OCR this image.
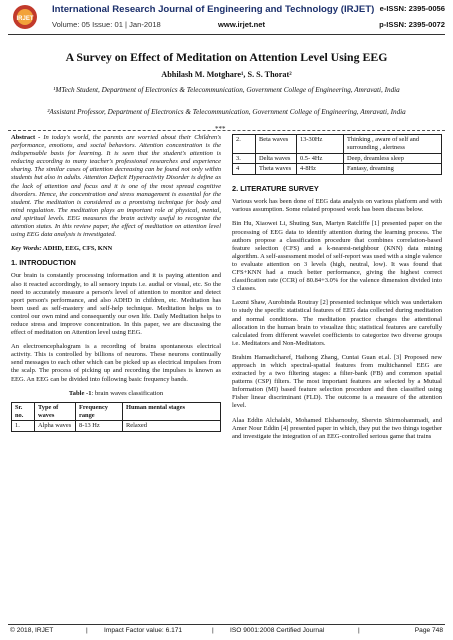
IRJET
International Research Journal of Engineering and Technology (IRJET) e-ISSN: 2395-0056
Volume: 05 Issue: 01 | Jan-2018	www.irjet.net	p-ISSN: 2395-0072
A Survey on Effect of Meditation on Attention Level Using EEG
Abhilash M. Motghare¹, S. S. Thorat²
¹MTech Student, Department of Electronics & Telecommunication, Government College of Engineering, Amravati, India
²Assistant Professor, Department of Electronics & Telecommunication, Government College of Engineering, Amravati, India
***

Abstract - In today's world, the parents are worried about their Children's performance, emotions, and social behaviors. Attention concentration is the indispensable basis for learning. It is seen that the student's attention is reducing according to many teacher's professional researches and experience sharing. The similar cases of attention decreasing can be found not only within students but also in adults. Attention Deficit Hyperactivity Disorder is define as the lack of attention and focus and it is one of the most spread cognitive disorders. Hence, the concentration and stress management is essential for the student. The meditation is considered as a promising technique for body and mind regulation. The meditation plays an important role at physical, mental, and spiritual levels. EEG measures the brain activity useful to recognize the attention states. In this review paper, the effect of meditation on attention level using EEG data analysis is investigated.

Key Words: ADHD, EEG, CFS, KNN

1. INTRODUCTION

Our brain is constantly processing information and it is paying attention and also it reacted accordingly, to all sensory inputs i.e. audial or visual, etc. So the need to accurately measure a person's level of attention to monitor and detect sport person's performance, and also ADHD in children, etc. Meditation has been used as self-mastery and self-help technique. Meditation helps us to control our own mind and consequently our own life. Daily Meditation helps to reduce stress and improve concentration. In this paper, we are discussing the effect of meditation on Attention level using EEG.

An electroencephalogram is a recording of brains spontaneous electrical activity. This is controlled by billions of neurons. These neurons continually send messages to each other which can be picked up as electrical impulses from the scalp. The process of picking up and recording the impulses is known as EEG. An EEG can be divided into following basic frequency bands.

Table -1: brain waves classification
Sr. no.	Type of waves	Frequency range	Human mental stages
1.	Alpha waves	8-13 Hz	Relaxed
2.	Beta waves	13-30Hz	Thinking , aware of self and surrounding , alertness
3.	Delta waves	0.5- 4Hz	Deep, dreamless sleep
4	Theta waves	4-8Hz	Fantasy, dreaming
2. LITERATURE SURVEY

Various work has been done of EEG data analysis on various platform and with various assumption. Some related proposed work has been discuss below.

Bin Hu, Xiaowei Li, Shuting Sun, Martyn Ratcliffe [1] presented paper on the processing of EEG data to identify attention during the learning process. The authors propose a classification procedure that combines correlation-based feature selection (CFS) and a k-nearest-neighbour (KNN) data mining algorithm. A self-assessment model of self-report was used with a single valence to evaluate attention on 3 levels (high, neutral, low). It was found that CFS+KNN had a much better performance, giving the highest correct classification rate (CCR) of 80.84+3.0% for the valence dimension divided into 3 classes.

Laxmi Shaw, Aurobinda Routray [2] presented technique which was undertaken to study the specific statistical features of EEG data collected during meditation and normal conditions. The meditation practice changes the attentional allocation in the human brain to visualize this; statistical features are carefully calculated from different wavelet coefficients to categorize two diverse groups i.e. Meditators and Non-Meditators.

Brahim Hamadicharef, Haihong Zhang, Cuntai Guan et.al. [3] Proposed new approach in which spectral-spatial features from multichannel EEG are extracted by a two filtering stages: a filter-bank (FB) and common spatial patterns (CSP) filters. The most important features are selected by a Mutual Information (MI) based feature selection procedure and then classified using Fisher linear discriminant (FLD). The outcome is a measure of the attention level.

Alaa Eddin Alchalabi, Mohamed Elsharnouby, Shervin Shirmohammadi, and Amer Nour Eddin [4] presented paper in which, they put the two things together and investigate the integration of an EEG-controlled serious game that trains

© 2018, IRJET	| Impact Factor value: 6.171	| ISO 9001:2008 Certified Journal	|	Page 748
